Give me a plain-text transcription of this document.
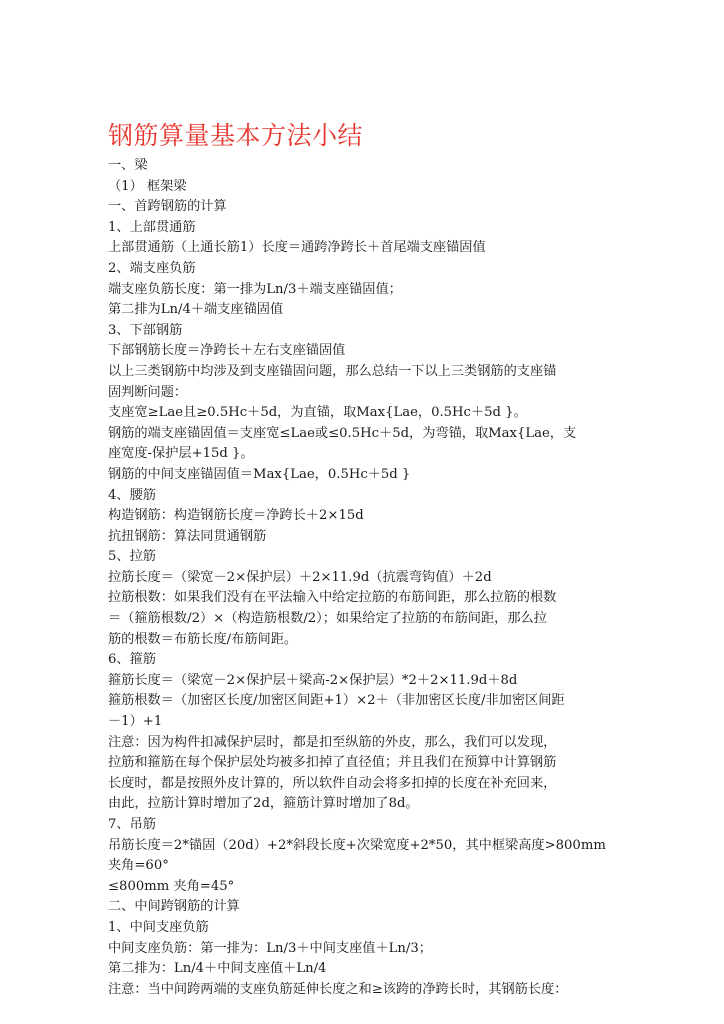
钢筋算量基本方法小结
一、梁
（1） 框架梁
一、首跨钢筋的计算
1、上部贯通筋
上部贯通筋（上通长筋1）长度＝通跨净跨长＋首尾端支座锚固值
2、端支座负筋
端支座负筋长度：第一排为Ln/3＋端支座锚固值；
第二排为Ln/4＋端支座锚固值
3、下部钢筋
下部钢筋长度＝净跨长＋左右支座锚固值
以上三类钢筋中均涉及到支座锚固问题，那么总结一下以上三类钢筋的支座锚
固判断问题：
支座宽≥Lae且≥0.5Hc＋5d，为直锚，取Max{Lae，0.5Hc＋5d }。
钢筋的端支座锚固值＝支座宽≤Lae或≤0.5Hc＋5d，为弯锚，取Max{Lae，支
座宽度-保护层+15d }。
钢筋的中间支座锚固值＝Max{Lae，0.5Hc＋5d }
4、腰筋
构造钢筋：构造钢筋长度＝净跨长＋2×15d
抗扭钢筋：算法同贯通钢筋
5、拉筋
拉筋长度＝（梁宽－2×保护层）＋2×11.9d（抗震弯钩值）＋2d
拉筋根数：如果我们没有在平法输入中给定拉筋的布筋间距，那么拉筋的根数
＝（箍筋根数/2）×（构造筋根数/2）；如果给定了拉筋的布筋间距，那么拉
筋的根数＝布筋长度/布筋间距。
6、箍筋
箍筋长度＝（梁宽－2×保护层＋梁高-2×保护层）*2＋2×11.9d＋8d
箍筋根数＝（加密区长度/加密区间距+1）×2＋（非加密区长度/非加密区间距
－1）+1
注意：因为构件扣减保护层时，都是扣至纵筋的外皮，那么，我们可以发现，
拉筋和箍筋在每个保护层处均被多扣掉了直径值；并且我们在预算中计算钢筋
长度时，都是按照外皮计算的，所以软件自动会将多扣掉的长度在补充回来，
由此，拉筋计算时增加了2d，箍筋计算时增加了8d。
7、吊筋
吊筋长度＝2*锚固（20d）+2*斜段长度+次梁宽度+2*50，其中框梁高度>800mm
夹角=60°
≤800mm 夹角=45°
二、中间跨钢筋的计算
1、中间支座负筋
中间支座负筋：第一排为：Ln/3＋中间支座值＋Ln/3；
第二排为：Ln/4＋中间支座值＋Ln/4
注意：当中间跨两端的支座负筋延伸长度之和≥该跨的净跨长时，其钢筋长度：
